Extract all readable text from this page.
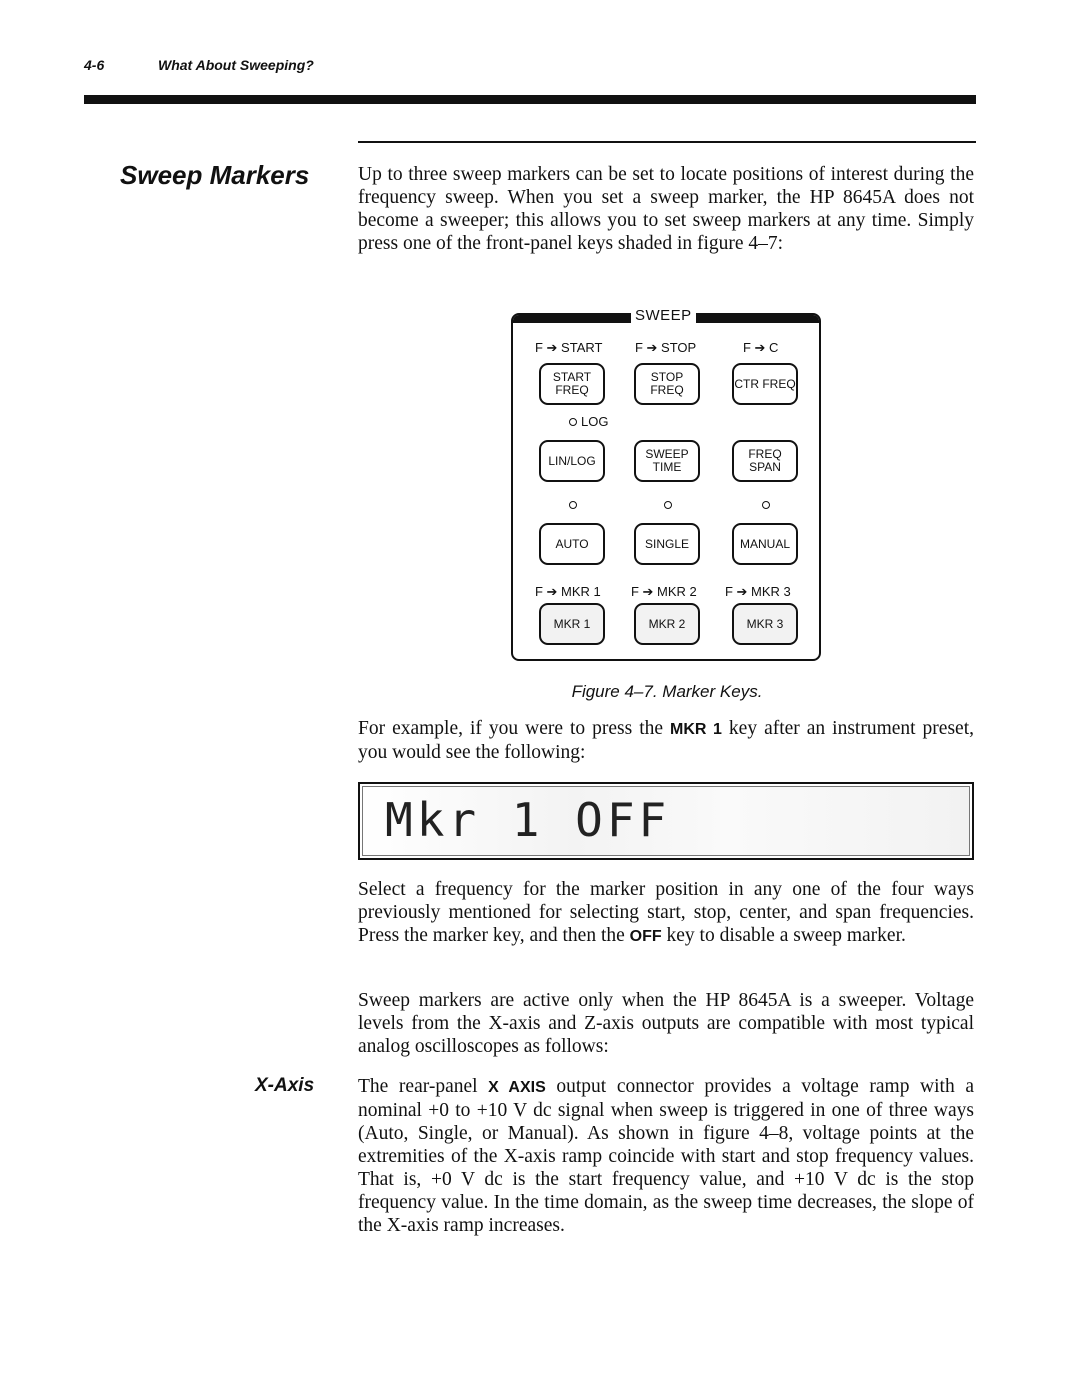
4-6	What About Sweeping?
Sweep Markers Up to three sweep markers can be set to locate positions of interest during the frequency sweep. When you set a sweep marker, the HP 8645A does not become a sweeper; this allows you to set sweep markers at any time. Simply press one of the front-panel keys shaded in figure 4–7:

SWEEP
F ➔ START	F ➔ STOP	F ➔ C
START FREQ
STOP FREQ	CTR FREQ
LOG
LIN/LOG	SWEEP TIME
FREQ SPAN
AUTO	SINGLE	MANUAL
F ➔ MKR 1 F ➔ MKR 2 F ➔ MKR 3
MKR 1	MKR 2	MKR 3
Figure 4–7. Marker Keys.

For example, if you were to press the MKR 1 key after an instrument preset, you would see the following:

Mkr 1 OFF

Select a frequency for the marker position in any one of the four ways previously mentioned for selecting start, stop, center, and span frequencies. Press the marker key, and then the OFF key to disable a sweep marker.

Sweep markers are active only when the HP 8645A is a sweeper. Voltage levels from the X-axis and Z-axis outputs are compatible with most typical analog oscilloscopes as follows:

X-Axis The rear-panel X AXIS output connector provides a voltage ramp with a nominal +0 to +10 V dc signal when sweep is triggered in one of three ways (Auto, Single, or Manual). As shown in figure 4–8, voltage points at the extremities of the X-axis ramp coincide with start and stop frequency values. That is, +0 V dc is the start frequency value, and +10 V dc is the stop frequency value. In the time domain, as the sweep time decreases, the slope of the X-axis ramp increases.
